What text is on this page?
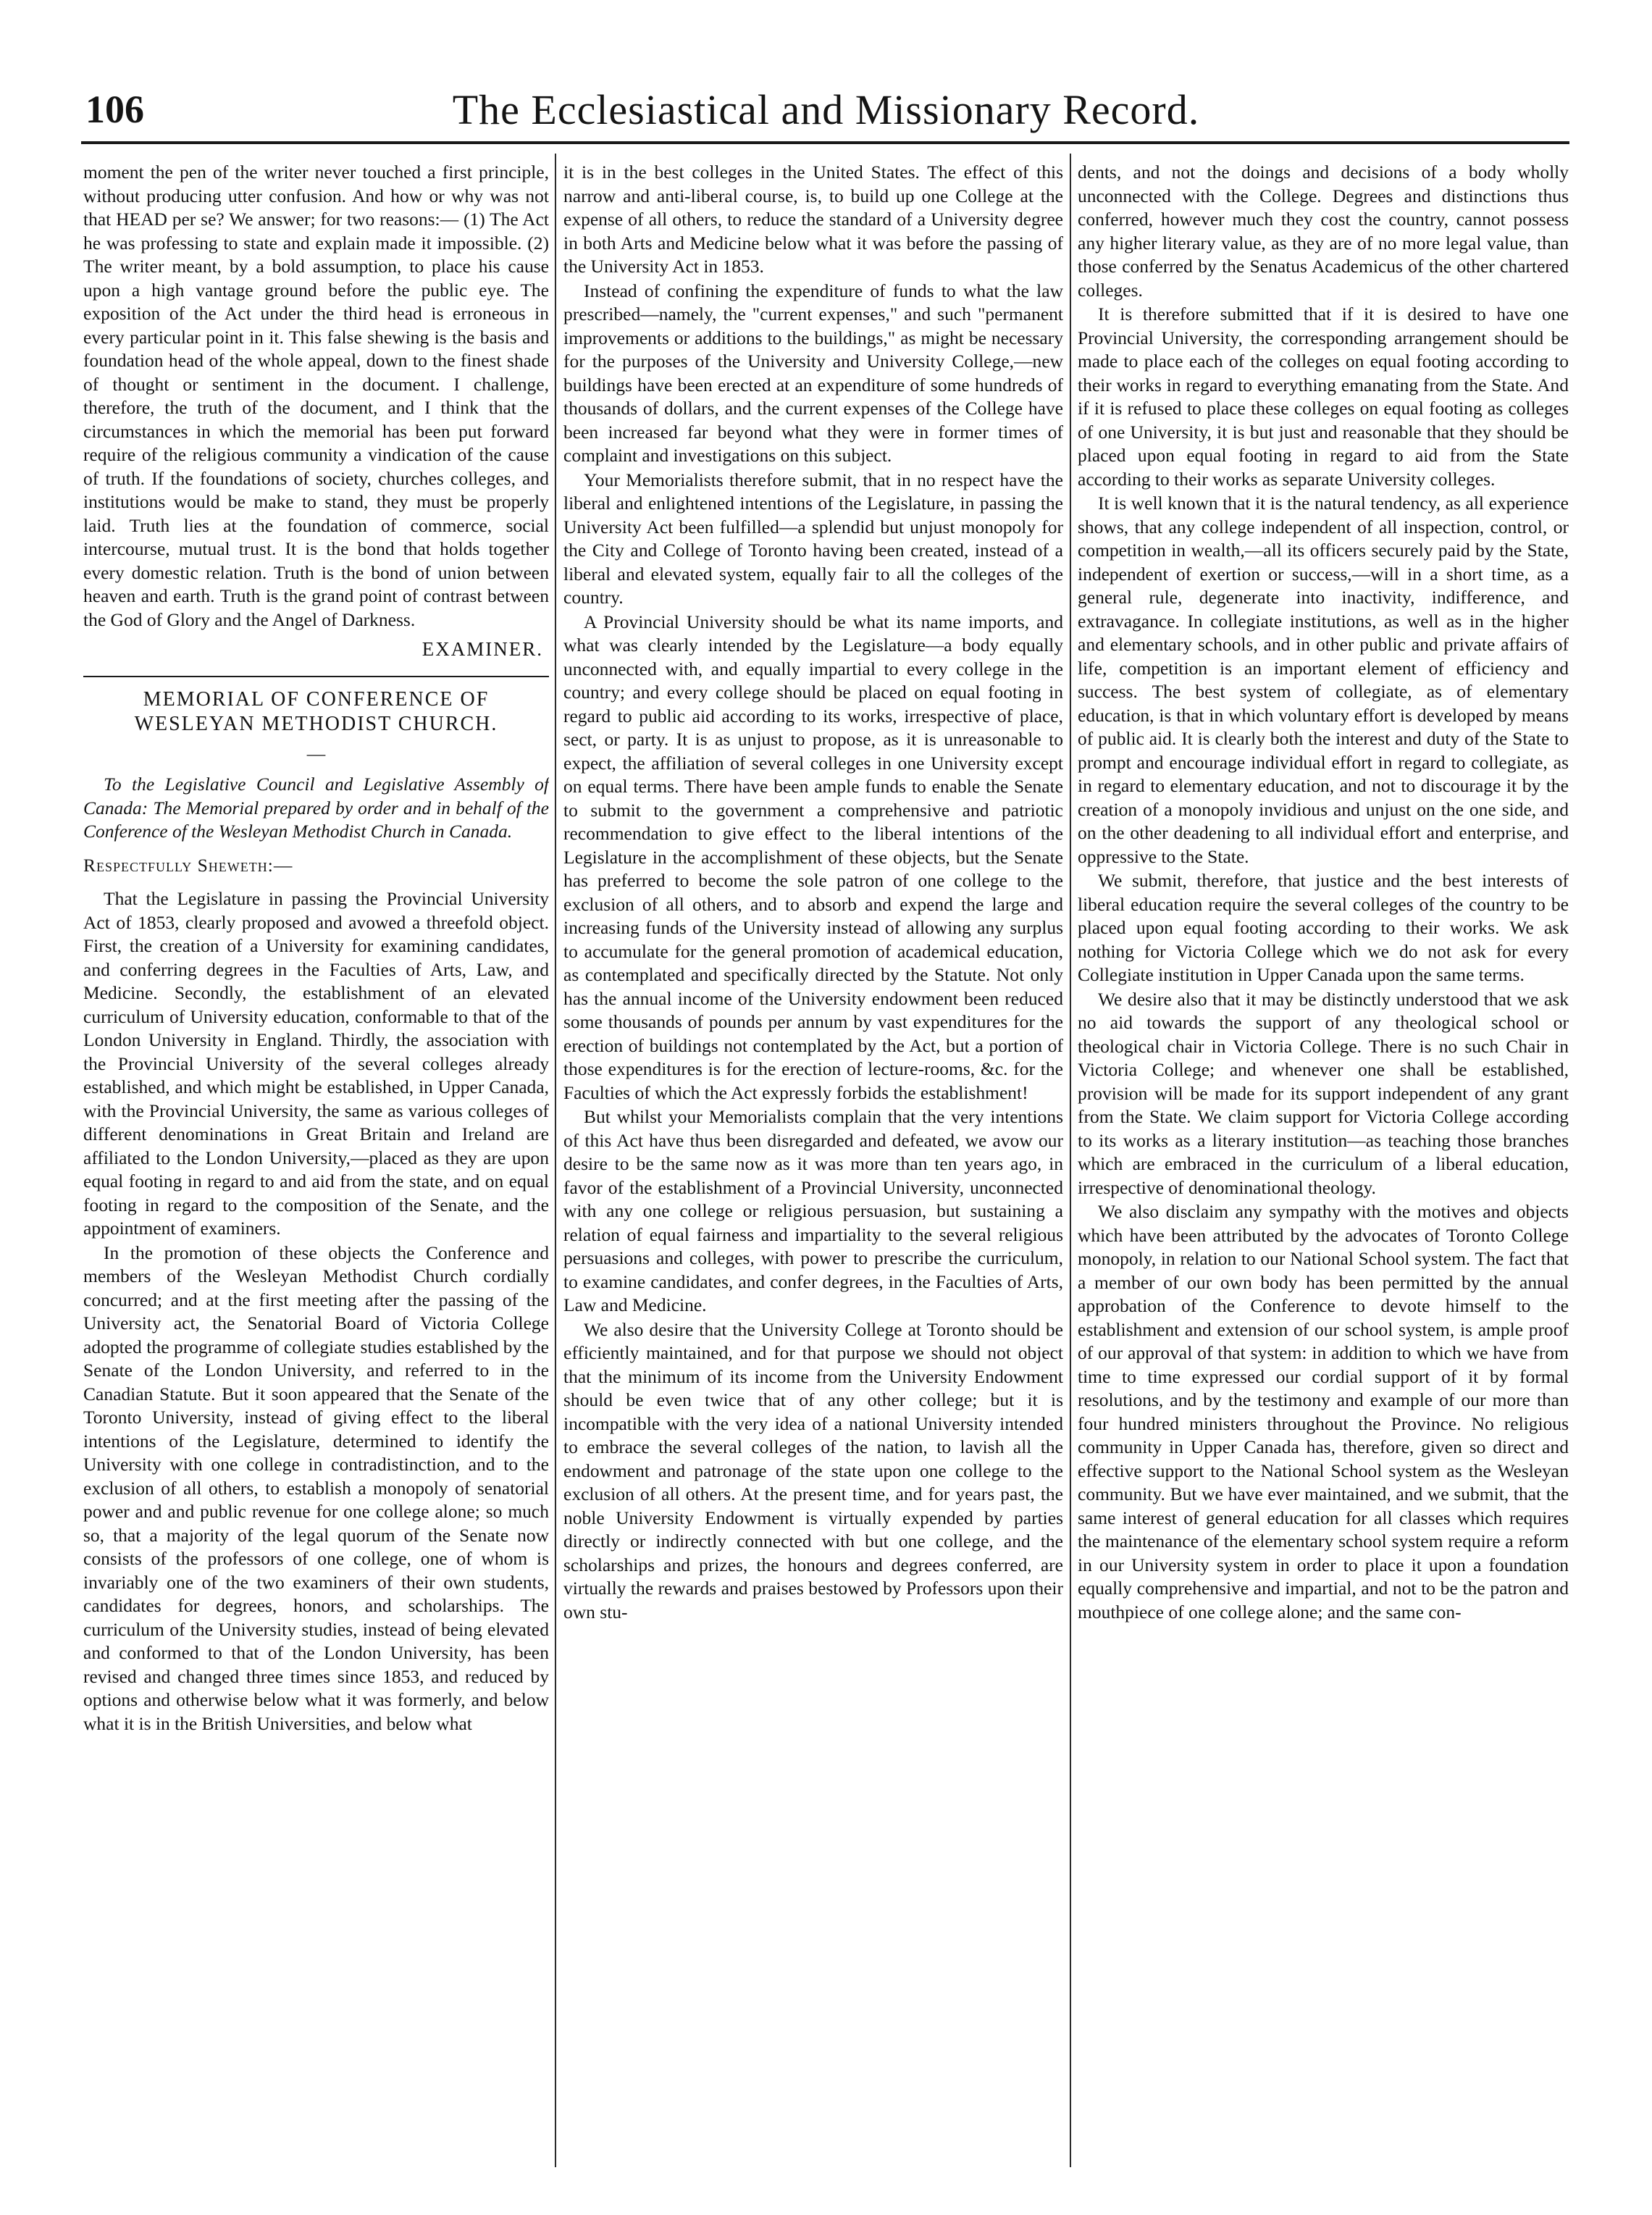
106	The Ecclesiastical and Missionary Record.

moment the pen of the writer never touched a first principle, without producing utter confusion. And how or why was not that HEAD per se? We answer; for two reasons:— (1) The Act he was professing to state and explain made it impossible. (2) The writer meant, by a bold assumption, to place his cause upon a high vantage ground before the public eye. The exposition of the Act under the third head is erroneous in every particular point in it. This false shewing is the basis and foundation head of the whole appeal, down to the finest shade of thought or sentiment in the document. I challenge, therefore, the truth of the document, and I think that the circumstances in which the memorial has been put forward require of the religious community a vindication of the cause of truth. If the foundations of society, churches colleges, and institutions would be make to stand, they must be properly laid. Truth lies at the foundation of commerce, social intercourse, mutual trust. It is the bond that holds together every domestic relation. Truth is the bond of union between heaven and earth. Truth is the grand point of contrast between the God of Glory and the Angel of Darkness.

EXAMINER.

MEMORIAL OF CONFERENCE OF WESLEYAN METHODIST CHURCH.

—

To the Legislative Council and Legislative Assembly of Canada: The Memorial prepared by order and in behalf of the Conference of the Wesleyan Methodist Church in Canada.

Respectfully Sheweth:—

That the Legislature in passing the Provincial University Act of 1853, clearly proposed and avowed a threefold object. First, the creation of a University for examining candidates, and conferring degrees in the Faculties of Arts, Law, and Medicine. Secondly, the establishment of an elevated curriculum of University education, conformable to that of the London University in England. Thirdly, the association with the Provincial University of the several colleges already established, and which might be established, in Upper Canada, with the Provincial University, the same as various colleges of different denominations in Great Britain and Ireland are affiliated to the London University,—placed as they are upon equal footing in regard to and aid from the state, and on equal footing in regard to the composition of the Senate, and the appointment of examiners.

In the promotion of these objects the Conference and members of the Wesleyan Methodist Church cordially concurred; and at the first meeting after the passing of the University act, the Senatorial Board of Victoria College adopted the programme of collegiate studies established by the Senate of the London University, and referred to in the Canadian Statute. But it soon appeared that the Senate of the Toronto University, instead of giving effect to the liberal intentions of the Legislature, determined to identify the University with one college in contradistinction, and to the exclusion of all others, to establish a monopoly of senatorial power and and public revenue for one college alone; so much so, that a majority of the legal quorum of the Senate now consists of the professors of one college, one of whom is invariably one of the two examiners of their own students, candidates for degrees, honors, and scholarships. The curriculum of the University studies, instead of being elevated and conformed to that of the London University, has been revised and changed three times since 1853, and reduced by options and otherwise below what it was formerly, and below what it is in the British Universities, and below what

it is in the best colleges in the United States. The effect of this narrow and anti-liberal course, is, to build up one College at the expense of all others, to reduce the standard of a University degree in both Arts and Medicine below what it was before the passing of the University Act in 1853.

Instead of confining the expenditure of funds to what the law prescribed—namely, the "current expenses," and such "permanent improvements or additions to the buildings," as might be necessary for the purposes of the University and University College,—new buildings have been erected at an expenditure of some hundreds of thousands of dollars, and the current expenses of the College have been increased far beyond what they were in former times of complaint and investigations on this subject.

Your Memorialists therefore submit, that in no respect have the liberal and enlightened intentions of the Legislature, in passing the University Act been fulfilled—a splendid but unjust monopoly for the City and College of Toronto having been created, instead of a liberal and elevated system, equally fair to all the colleges of the country.

A Provincial University should be what its name imports, and what was clearly intended by the Legislature—a body equally unconnected with, and equally impartial to every college in the country; and every college should be placed on equal footing in regard to public aid according to its works, irrespective of place, sect, or party. It is as unjust to propose, as it is unreasonable to expect, the affiliation of several colleges in one University except on equal terms. There have been ample funds to enable the Senate to submit to the government a comprehensive and patriotic recommendation to give effect to the liberal intentions of the Legislature in the accomplishment of these objects, but the Senate has preferred to become the sole patron of one college to the exclusion of all others, and to absorb and expend the large and increasing funds of the University instead of allowing any surplus to accumulate for the general promotion of academical education, as contemplated and specifically directed by the Statute. Not only has the annual income of the University endowment been reduced some thousands of pounds per annum by vast expenditures for the erection of buildings not contemplated by the Act, but a portion of those expenditures is for the erection of lecture-rooms, &c. for the Faculties of which the Act expressly forbids the establishment!

But whilst your Memorialists complain that the very intentions of this Act have thus been disregarded and defeated, we avow our desire to be the same now as it was more than ten years ago, in favor of the establishment of a Provincial University, unconnected with any one college or religious persuasion, but sustaining a relation of equal fairness and impartiality to the several religious persuasions and colleges, with power to prescribe the curriculum, to examine candidates, and confer degrees, in the Faculties of Arts, Law and Medicine.

We also desire that the University College at Toronto should be efficiently maintained, and for that purpose we should not object that the minimum of its income from the University Endowment should be even twice that of any other college; but it is incompatible with the very idea of a national University intended to embrace the several colleges of the nation, to lavish all the endowment and patronage of the state upon one college to the exclusion of all others. At the present time, and for years past, the noble University Endowment is virtually expended by parties directly or indirectly connected with but one college, and the scholarships and prizes, the honours and degrees conferred, are virtually the rewards and praises bestowed by Professors upon their own stu-

dents, and not the doings and decisions of a body wholly unconnected with the College. Degrees and distinctions thus conferred, however much they cost the country, cannot possess any higher literary value, as they are of no more legal value, than those conferred by the Senatus Academicus of the other chartered colleges.

It is therefore submitted that if it is desired to have one Provincial University, the corresponding arrangement should be made to place each of the colleges on equal footing according to their works in regard to everything emanating from the State. And if it is refused to place these colleges on equal footing as colleges of one University, it is but just and reasonable that they should be placed upon equal footing in regard to aid from the State according to their works as separate University colleges.

It is well known that it is the natural tendency, as all experience shows, that any college independent of all inspection, control, or competition in wealth,—all its officers securely paid by the State, independent of exertion or success,—will in a short time, as a general rule, degenerate into inactivity, indifference, and extravagance. In collegiate institutions, as well as in the higher and elementary schools, and in other public and private affairs of life, competition is an important element of efficiency and success. The best system of collegiate, as of elementary education, is that in which voluntary effort is developed by means of public aid. It is clearly both the interest and duty of the State to prompt and encourage individual effort in regard to collegiate, as in regard to elementary education, and not to discourage it by the creation of a monopoly invidious and unjust on the one side, and on the other deadening to all individual effort and enterprise, and oppressive to the State.

We submit, therefore, that justice and the best interests of liberal education require the several colleges of the country to be placed upon equal footing according to their works. We ask nothing for Victoria College which we do not ask for every Collegiate institution in Upper Canada upon the same terms.

We desire also that it may be distinctly understood that we ask no aid towards the support of any theological school or theological chair in Victoria College. There is no such Chair in Victoria College; and whenever one shall be established, provision will be made for its support independent of any grant from the State. We claim support for Victoria College according to its works as a literary institution—as teaching those branches which are embraced in the curriculum of a liberal education, irrespective of denominational theology.

We also disclaim any sympathy with the motives and objects which have been attributed by the advocates of Toronto College monopoly, in relation to our National School system. The fact that a member of our own body has been permitted by the annual approbation of the Conference to devote himself to the establishment and extension of our school system, is ample proof of our approval of that system: in addition to which we have from time to time expressed our cordial support of it by formal resolutions, and by the testimony and example of our more than four hundred ministers throughout the Province. No religious community in Upper Canada has, therefore, given so direct and effective support to the National School system as the Wesleyan community. But we have ever maintained, and we submit, that the same interest of general education for all classes which requires the maintenance of the elementary school system require a reform in our University system in order to place it upon a foundation equally comprehensive and impartial, and not to be the patron and mouthpiece of one college alone; and the same con-
